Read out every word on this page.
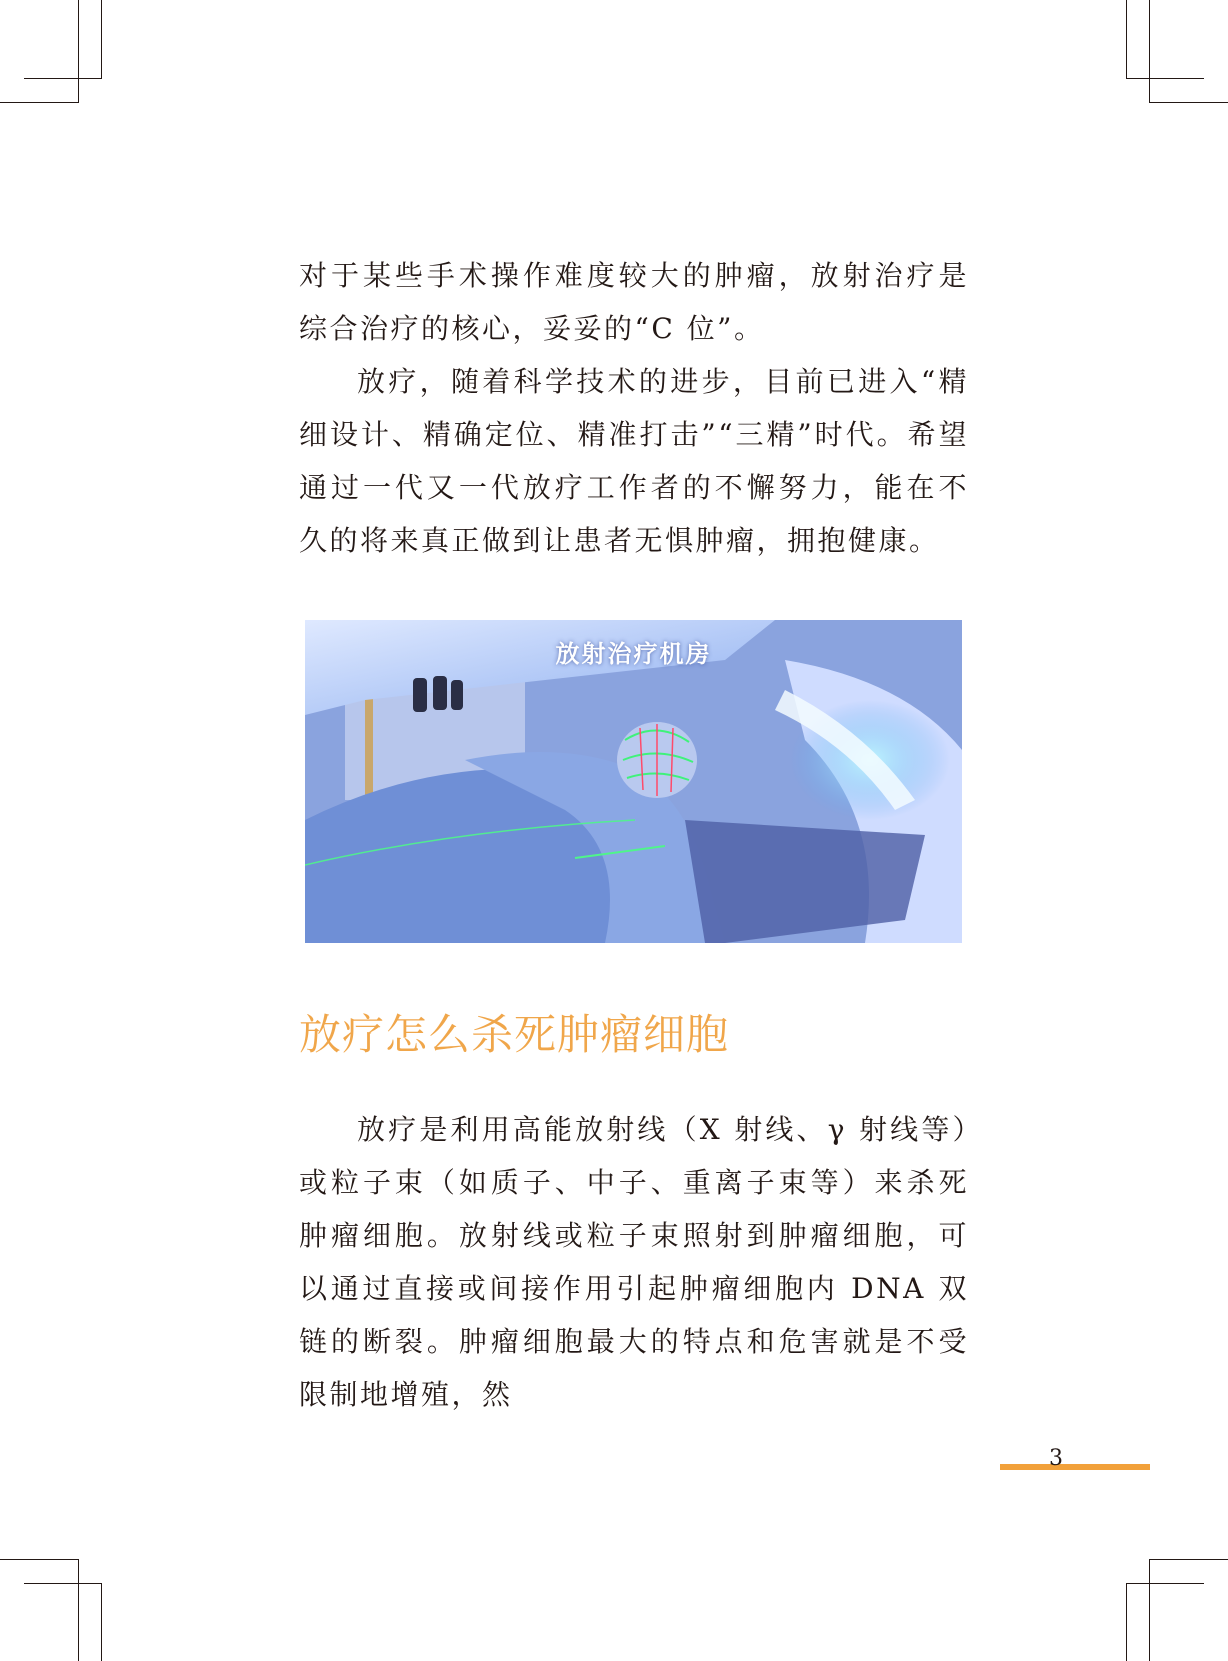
对于某些手术操作难度较大的肿瘤，放射治疗是综合治疗的核心，妥妥的“C 位”。

放疗，随着科学技术的进步，目前已进入“精细设计、精确定位、精准打击”“三精”时代。希望通过一代又一代放疗工作者的不懈努力，能在不久的将来真正做到让患者无惧肿瘤，拥抱健康。

放射治疗机房
放疗怎么杀死肿瘤细胞

放疗是利用高能放射线（X 射线、γ 射线等）或粒子束（如质子、中子、重离子束等）来杀死肿瘤细胞。放射线或粒子束照射到肿瘤细胞，可以通过直接或间接作用引起肿瘤细胞内 DNA 双链的断裂。肿瘤细胞最大的特点和危害就是不受限制地增殖，然

3
